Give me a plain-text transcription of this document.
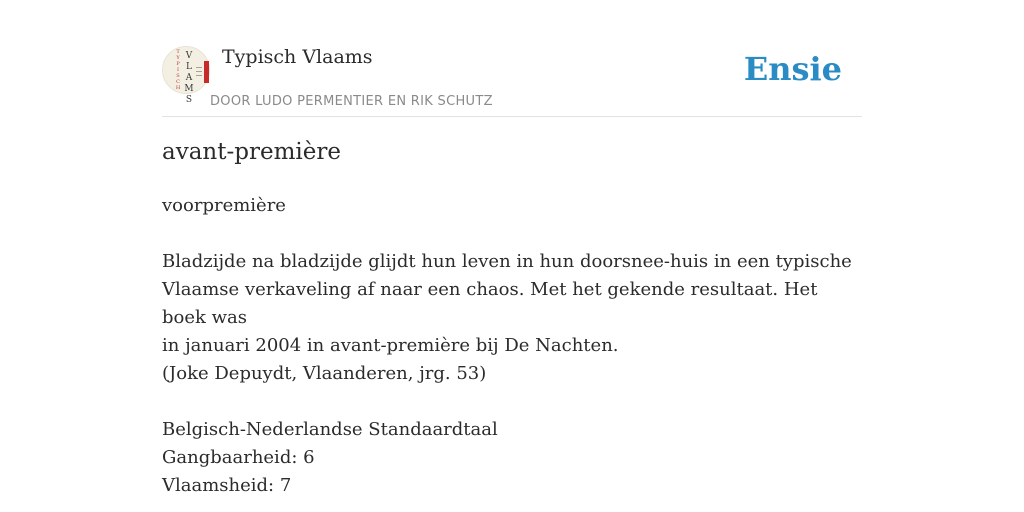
T
Y
P
I
S
C
H
V
L
A
M
S
Typisch Vlaams
DOOR LUDO PERMENTIER EN RIK SCHUTZ
Ensie
avant-première

voorpremière

Bladzijde na bladzijde glijdt hun leven in hun doorsnee-huis in een typische

Vlaamse verkaveling af naar een chaos. Met het gekende resultaat. Het boek was

in januari 2004 in avant-première bij De Nachten.

(Joke Depuydt, Vlaanderen, jrg. 53)

Belgisch-Nederlandse Standaardtaal

Gangbaarheid: 6

Vlaamsheid: 7
